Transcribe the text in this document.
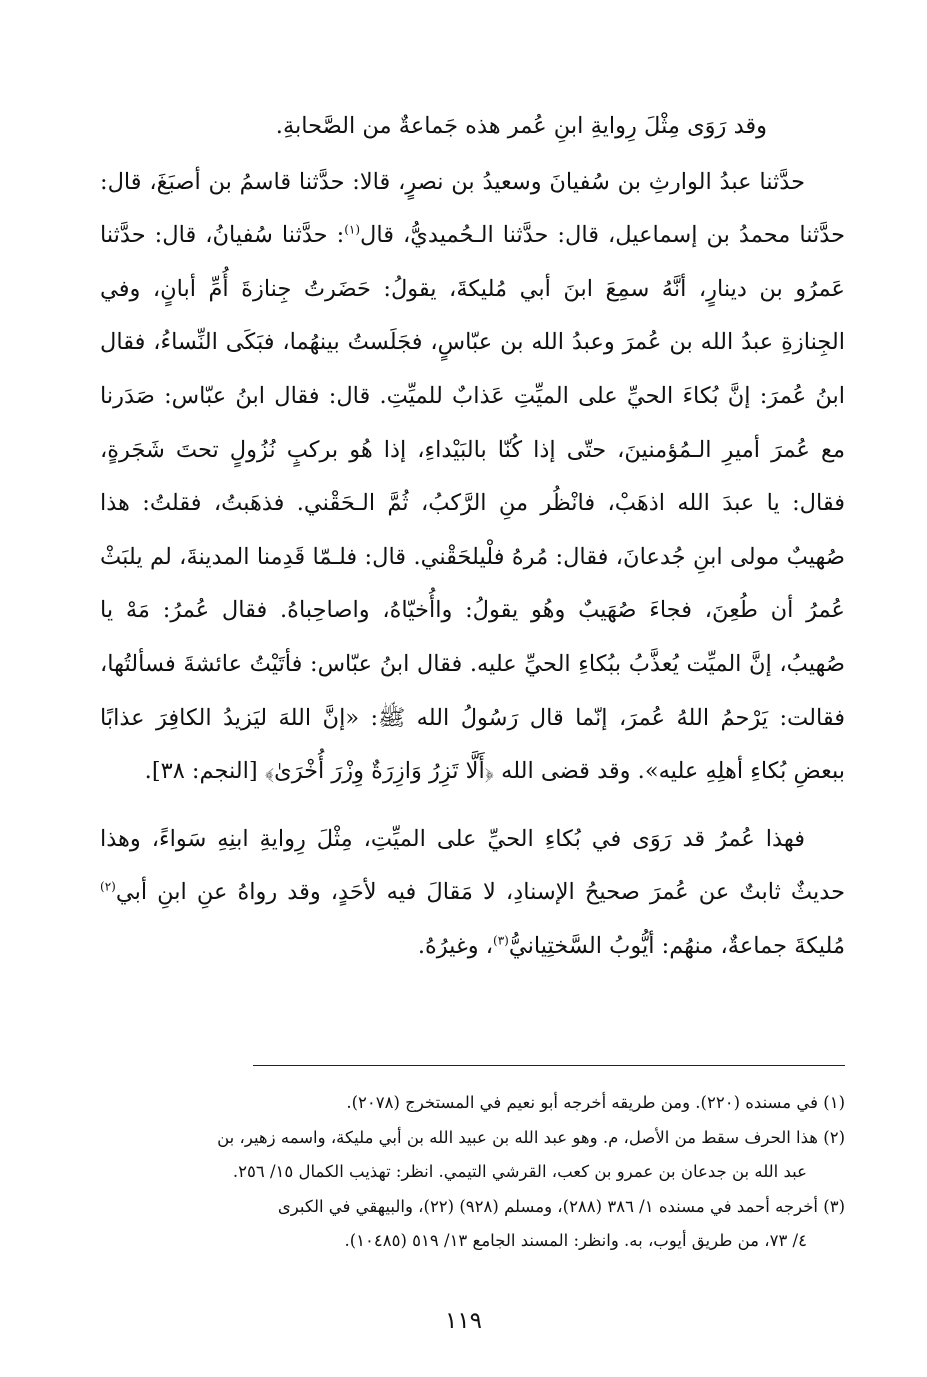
وقد رَوَى مِثْلَ رِوايةِ ابنِ عُمر هذه جَماعةٌ من الصَّحابةِ.

حدَّثنا عبدُ الوارثِ بن سُفيانَ وسعيدُ بن نصرٍ، قالا: حدَّثنا قاسمُ بن أصبَغَ، قال: حدَّثنا محمدُ بن إسماعيل، قال: حدَّثنا الـحُميديُّ، قال$^{(١)}$: حدَّثنا سُفيانُ، قال: حدَّثنا عَمرُو بن دينارٍ، أنَّهُ سمِعَ ابنَ أبي مُليكةَ، يقولُ: حَضَرتُ جِنازةَ أُمِّ أبانٍ، وفي الجِنازةِ عبدُ الله بن عُمرَ وعبدُ الله بن عبّاسٍ، فجَلَستُ بينهُما، فبَكَى النِّساءُ، فقال ابنُ عُمرَ: إنَّ بُكاءَ الحيِّ على الميِّتِ عَذابٌ للميِّتِ. قال: فقال ابنُ عبّاس: صَدَرنا مع عُمرَ أميرِ الـمُؤمنينَ، حتّى إذا كُنّا بالبَيْداءِ، إذا هُو بركبٍ نُزُولٍ تحتَ شَجَرةٍ، فقال: يا عبدَ الله اذهَبْ، فانْظُر منِ الرَّكبُ، ثُمَّ الـحَقْني. فذهَبتُ، فقلتُ: هذا صُهيبٌ مولى ابنِ جُدعانَ، فقال: مُرهُ فلْيلحَقْني. قال: فلـمّا قَدِمنا المدينةَ، لم يلبَثْ عُمرُ أن طُعِنَ، فجاءَ صُهَيبٌ وهُو يقولُ: واأُخيّاهُ، واصاحِباهُ. فقال عُمرُ: مَهْ يا صُهيبُ، إنَّ الميِّت يُعذَّبُ ببُكاءِ الحيِّ عليه. فقال ابنُ عبّاس: فأتَيْتُ عائشةَ فسألتُها، فقالت: يَرْحمُ اللهُ عُمرَ، إنّما قال رَسُولُ الله ﷺ: «إنَّ اللهَ ليَزيدُ الكافِرَ عذابًا ببعضِ بُكاءِ أهلِهِ عليه». وقد قضى الله ﴿أَلَّا تَزِرُ وَازِرَةٌ وِزْرَ أُخْرَىٰ﴾ [النجم: ٣٨].

فهذا عُمرُ قد رَوَى في بُكاءِ الحيِّ على الميِّتِ، مِثْلَ رِوايةِ ابنِهِ سَواءً، وهذا حديثٌ ثابتٌ عن عُمرَ صحيحُ الإسنادِ، لا مَقالَ فيه لأحَدٍ، وقد رواهُ عنِ ابنِ أبي$^{(٢)}$ مُليكةَ جماعةٌ، منهُم: أيُّوبُ السَّختِيانيُّ$^{(٣)}$، وغيرُهُ.

(١) في مسنده (٢٢٠). ومن طريقه أخرجه أبو نعيم في المستخرج (٢٠٧٨).

(٢) هذا الحرف سقط من الأصل، م. وهو عبد الله بن عبيد الله بن أبي مليكة، واسمه زهير، بن

عبد الله بن جدعان بن عمرو بن كعب، القرشي التيمي. انظر: تهذيب الكمال ١٥/ ٢٥٦.

(٣) أخرجه أحمد في مسنده ١/ ٣٨٦ (٢٨٨)، ومسلم (٩٢٨) (٢٢)، والبيهقي في الكبرى

٤/ ٧٣، من طريق أيوب، به. وانظر: المسند الجامع ١٣/ ٥١٩ (١٠٤٨٥).

١١٩
